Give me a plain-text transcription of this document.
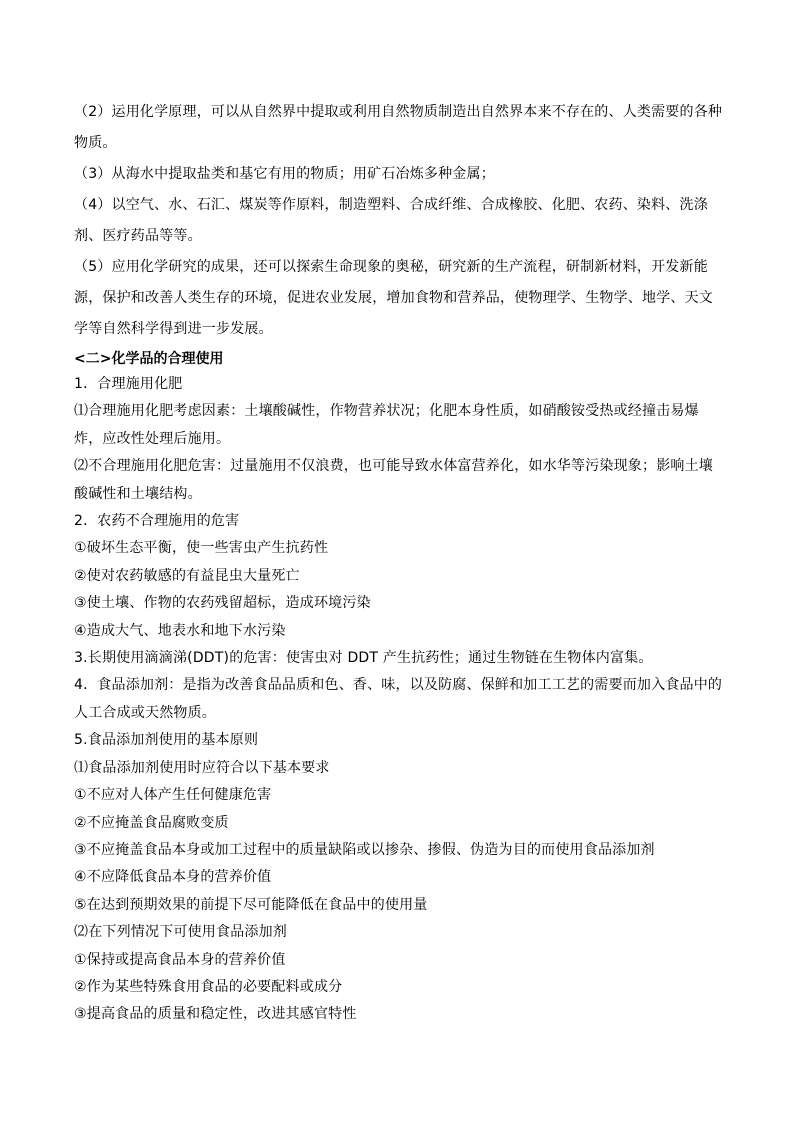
（2）运用化学原理，可以从自然界中提取或利用自然物质制造出自然界本来不存在的、人类需要的各种物质。

（3）从海水中提取盐类和基它有用的物质；用矿石冶炼多种金属；

（4）以空气、水、石汇、煤炭等作原料，制造塑料、合成纤维、合成橡胶、化肥、农药、染料、洗涤剂、医疗药品等等。

（5）应用化学研究的成果，还可以探索生命现象的奥秘，研究新的生产流程，研制新材料，开发新能源，保护和改善人类生存的环境，促进农业发展，增加食物和营养品，使物理学、生物学、地学、天文学等自然科学得到进一步发展。

<二>化学品的合理使用

1．合理施用化肥

⑴合理施用化肥考虑因素：土壤酸碱性，作物营养状况；化肥本身性质，如硝酸铵受热或经撞击易爆炸，应改性处理后施用。

⑵不合理施用化肥危害：过量施用不仅浪费，也可能导致水体富营养化，如水华等污染现象；影响土壤酸碱性和土壤结构。

2．农药不合理施用的危害

①破坏生态平衡，使一些害虫产生抗药性

②使对农药敏感的有益昆虫大量死亡

③使土壤、作物的农药残留超标，造成环境污染

④造成大气、地表水和地下水污染

3.长期使用滴滴涕(DDT)的危害：使害虫对 DDT 产生抗药性；通过生物链在生物体内富集。

4．食品添加剂：是指为改善食品品质和色、香、味，以及防腐、保鲜和加工工艺的需要而加入食品中的人工合成或天然物质。

5.食品添加剂使用的基本原则

⑴食品添加剂使用时应符合以下基本要求

①不应对人体产生任何健康危害

②不应掩盖食品腐败变质

③不应掩盖食品本身或加工过程中的质量缺陷或以掺杂、掺假、伪造为目的而使用食品添加剂

④不应降低食品本身的营养价值

⑤在达到预期效果的前提下尽可能降低在食品中的使用量

⑵在下列情况下可使用食品添加剂

①保持或提高食品本身的营养价值

②作为某些特殊食用食品的必要配料或成分

③提高食品的质量和稳定性，改进其感官特性
